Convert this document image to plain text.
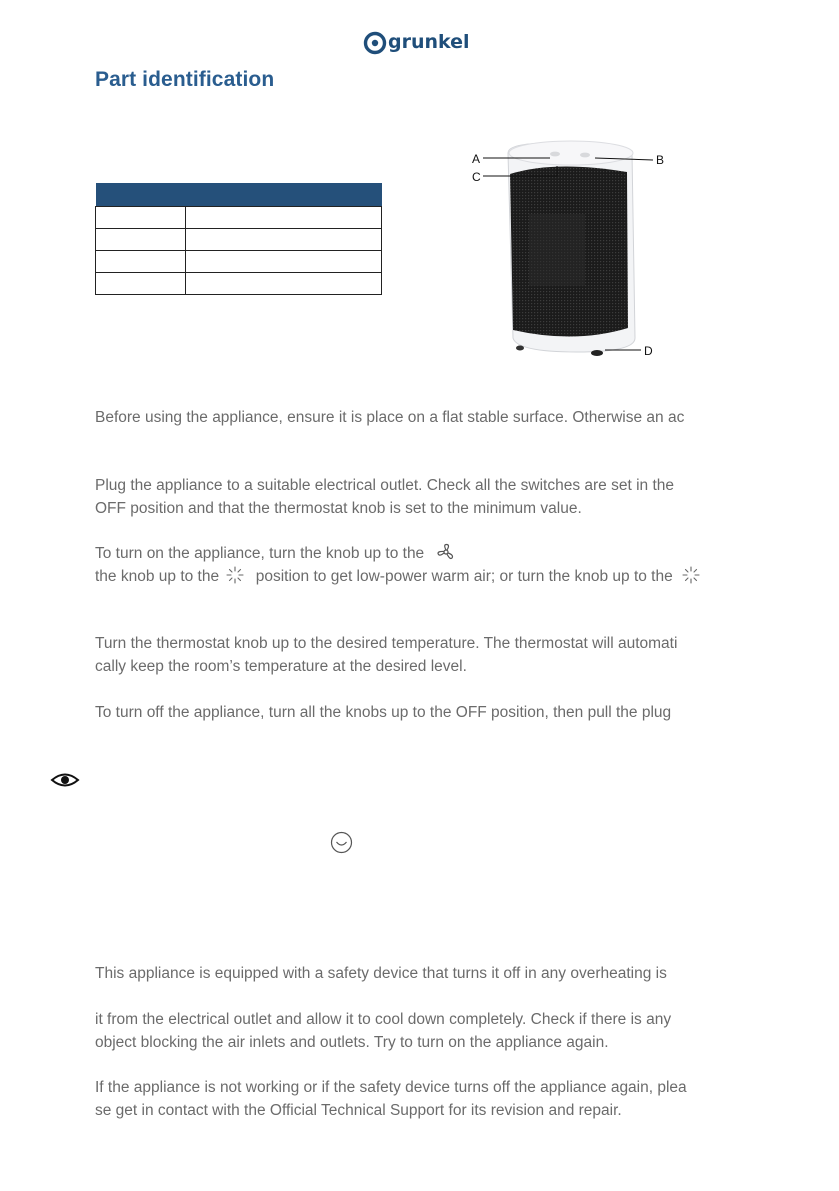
grunkel
Part identification

A	B
C
D

Before using the appliance, ensure it is place on a flat stable surface. Otherwise an ac

Plug the appliance to a suitable electrical outlet. Check all the switches are set in the

OFF position and that the thermostat knob is set to the minimum value.

To turn on the appliance, turn the knob up to the

the knob up to the position to get low-power warm air; or turn the knob up to the

Turn the thermostat knob up to the desired temperature. The thermostat will automati

cally keep the room’s temperature at the desired level.

To turn off the appliance, turn all the knobs up to the OFF position, then pull the plug

This appliance is equipped with a safety device that turns it off in any overheating is

it from the electrical outlet and allow it to cool down completely. Check if there is any

object blocking the air inlets and outlets. Try to turn on the appliance again.

If the appliance is not working or if the safety device turns off the appliance again, plea

se get in contact with the Official Technical Support for its revision and repair.
